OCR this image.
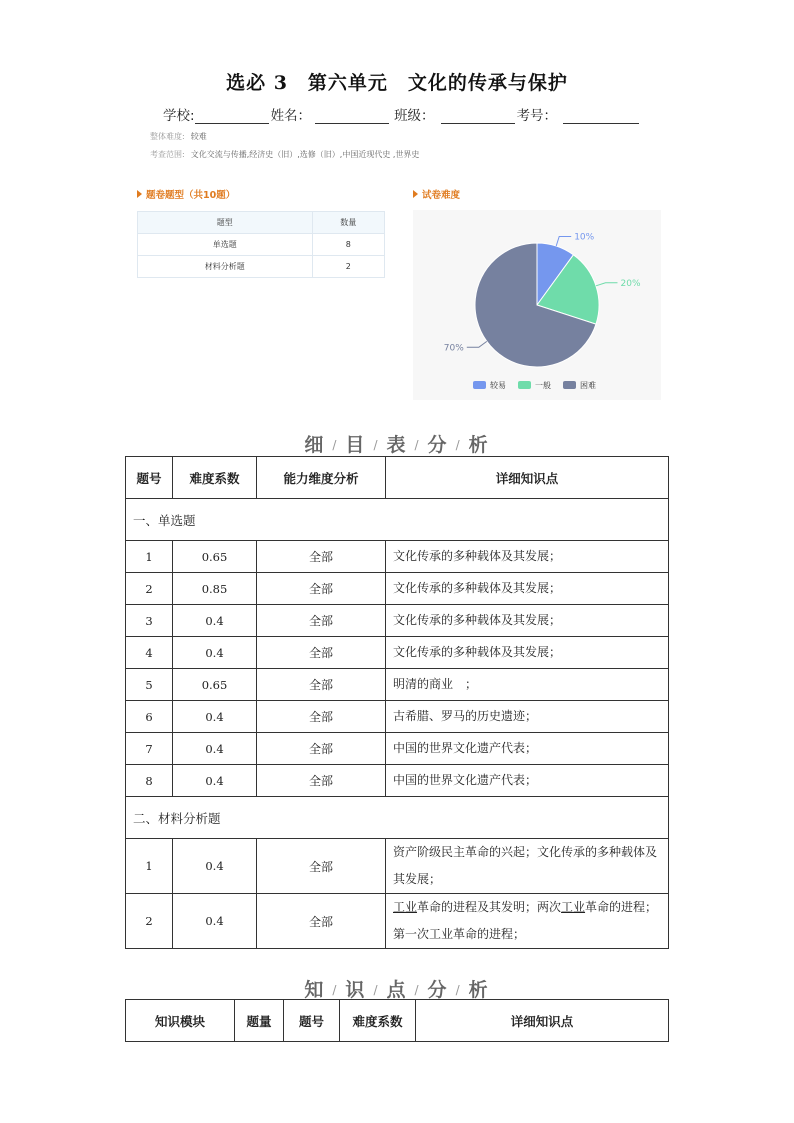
选必 3　第六单元　文化的传承与保护
学校:	姓名：	班级：	考号：
整体难度: 较难
考查范围: 文化交流与传播,经济史（旧）,选修（旧）,中国近现代史 ,世界史
题卷题型（共10题）	试卷难度
题型	数量
单选题	8
材料分析题	2
10%
20%
70%
较易	一般	困难
细 / 目 / 表 / 分 / 析
题号	难度系数	能力维度分析	详细知识点
一、单选题			
1	0.65	全部	文化传承的多种载体及其发展；
2	0.85	全部	文化传承的多种载体及其发展；
3	0.4	全部	文化传承的多种载体及其发展；
4	0.4	全部	文化传承的多种载体及其发展；
5	0.65	全部	明清的商业　；
6	0.4	全部	古希腊、罗马的历史遗迹；
7	0.4	全部	中国的世界文化遗产代表；
8	0.4	全部	中国的世界文化遗产代表；
二、材料分析题			
1	0.4	全部	资产阶级民主革命的兴起；文化传承的多种载体及
其发展；
2	0.4	全部	工业革命的进程及其发明；两次工业革命的进程；
第一次工业革命的进程；
知 / 识 / 点 / 分 / 析
知识模块	题量	题号	难度系数	详细知识点
